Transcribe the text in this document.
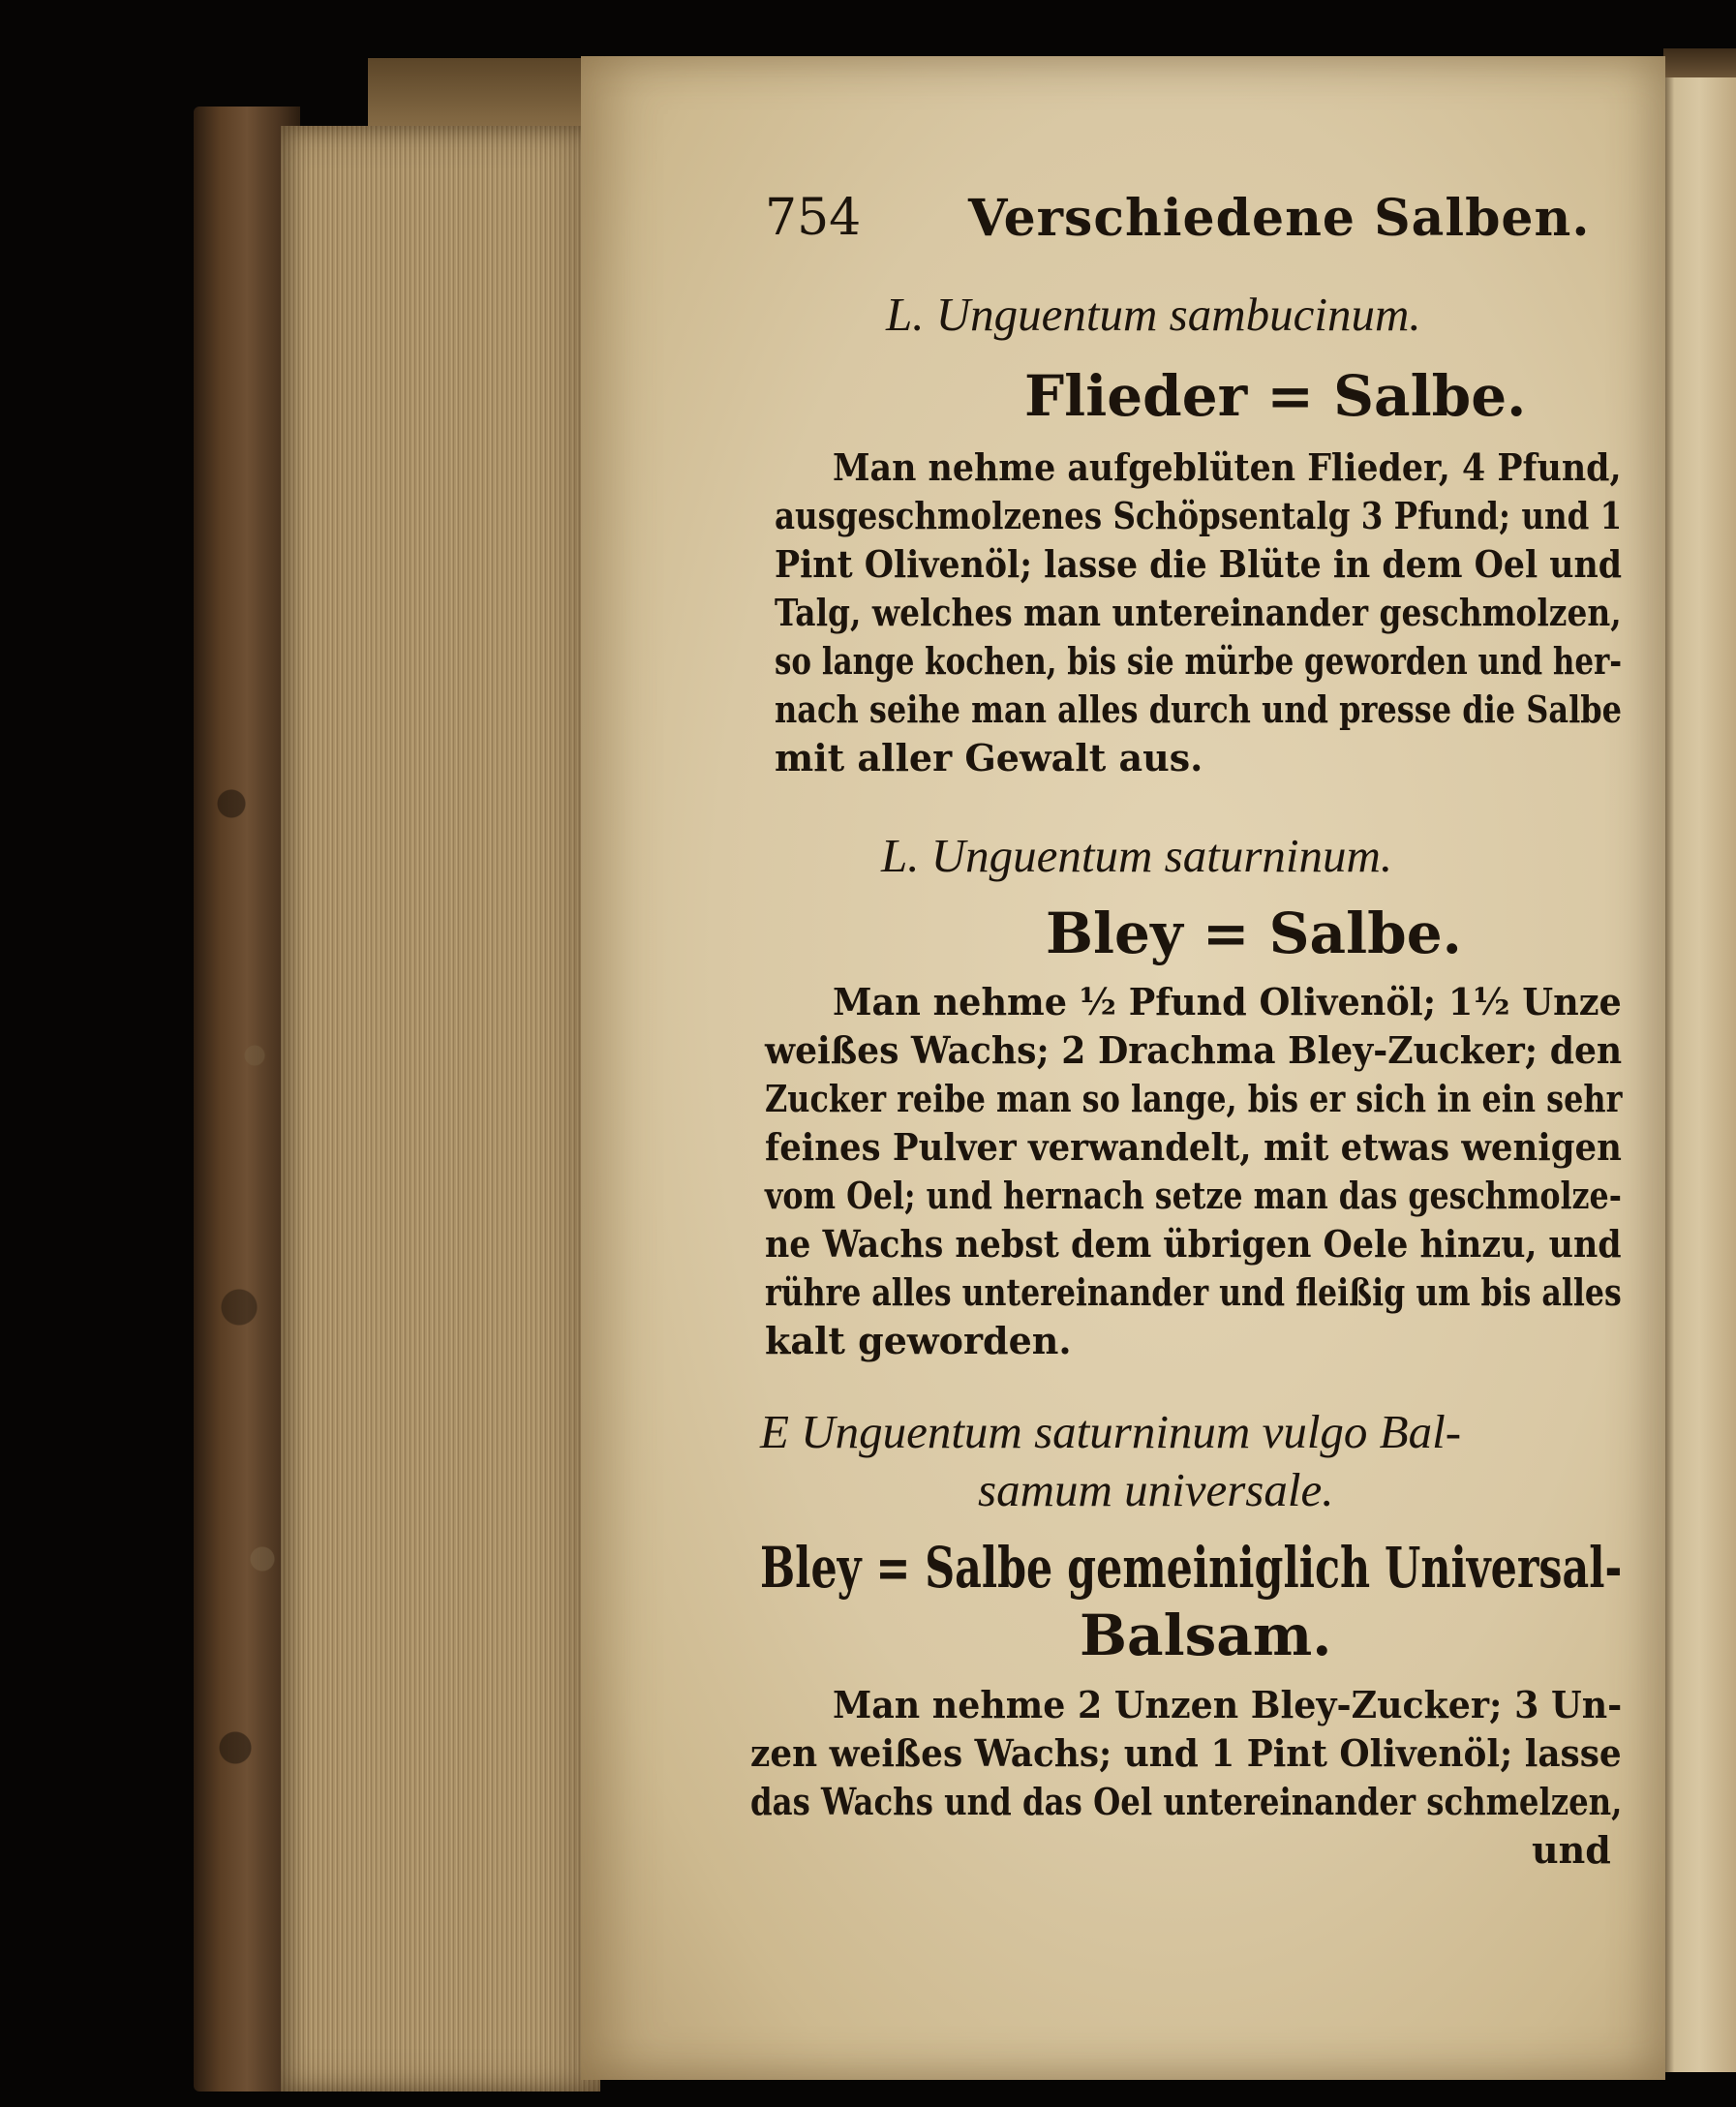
754 Verschiedene Salben.
L. Unguentum sambucinum.
Flieder = Salbe.
Man nehme aufgeblüten Flieder, 4 Pfund,
ausgeschmolzenes Schöpsentalg 3 Pfund; und 1
Pint Olivenöl; lasse die Blüte in dem Oel und
Talg, welches man untereinander geschmolzen,
so lange kochen, bis sie mürbe geworden und her-
nach seihe man alles durch und presse die Salbe
mit aller Gewalt aus.
L. Unguentum saturninum.
Bley = Salbe.
Man nehme ½ Pfund Olivenöl; 1½ Unze
weißes Wachs; 2 Drachma Bley-Zucker; den
Zucker reibe man so lange, bis er sich in ein sehr
feines Pulver verwandelt, mit etwas wenigen
vom Oel; und hernach setze man das geschmolze-
ne Wachs nebst dem übrigen Oele hinzu, und
rühre alles untereinander und fleißig um bis alles
kalt geworden.
E Unguentum saturninum vulgo Bal-
samum universale.
Bley = Salbe gemeiniglich Universal-
Balsam.
Man nehme 2 Unzen Bley-Zucker; 3 Un-
zen weißes Wachs; und 1 Pint Olivenöl; lasse
das Wachs und das Oel untereinander schmelzen,
und
